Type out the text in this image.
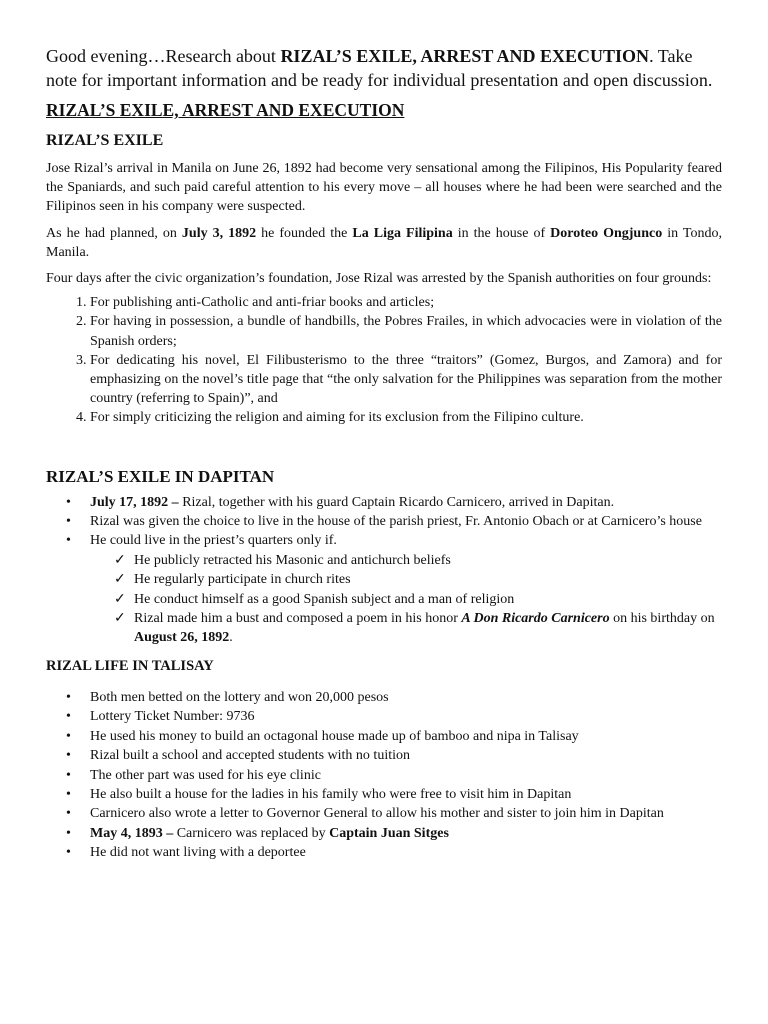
Good evening…Research about RIZAL’S EXILE, ARREST AND EXECUTION. Take note for important information and be ready for individual presentation and open discussion.

RIZAL’S EXILE, ARREST AND EXECUTION
RIZAL’S EXILE

Jose Rizal’s arrival in Manila on June 26, 1892 had become very sensational among the Filipinos, His Popularity feared the Spaniards, and such paid careful attention to his every move – all houses where he had been were searched and the Filipinos seen in his company were suspected.

As he had planned, on July 3, 1892 he founded the La Liga Filipina in the house of Doroteo Ongjunco in Tondo, Manila.

Four days after the civic organization’s foundation, Jose Rizal was arrested by the Spanish authorities on four grounds:

1. For publishing anti-Catholic and anti-friar books and articles;
2. For having in possession, a bundle of handbills, the Pobres Frailes, in which advocacies were in violation of the Spanish orders;
3. For dedicating his novel, El Filibusterismo to the three “traitors” (Gomez, Burgos, and Zamora) and for emphasizing on the novel’s title page that “the only salvation for the Philippines was separation from the mother country (referring to Spain)”, and
4. For simply criticizing the religion and aiming for its exclusion from the Filipino culture.
RIZAL’S EXILE IN DAPITAN
• July 17, 1892 – Rizal, together with his guard Captain Ricardo Carnicero, arrived in Dapitan.
• Rizal was given the choice to live in the house of the parish priest, Fr. Antonio Obach or at Carnicero’s house
• He could live in the priest’s quarters only if.
✓ He publicly retracted his Masonic and antichurch beliefs
✓ He regularly participate in church rites
✓ He conduct himself as a good Spanish subject and a man of religion
✓ Rizal made him a bust and composed a poem in his honor A Don Ricardo Carnicero on his birthday on August 26, 1892.
RIZAL LIFE IN TALISAY
• Both men betted on the lottery and won 20,000 pesos
• Lottery Ticket Number: 9736
• He used his money to build an octagonal house made up of bamboo and nipa in Talisay
• Rizal built a school and accepted students with no tuition
• The other part was used for his eye clinic
• He also built a house for the ladies in his family who were free to visit him in Dapitan
• Carnicero also wrote a letter to Governor General to allow his mother and sister to join him in Dapitan
• May 4, 1893 – Carnicero was replaced by Captain Juan Sitges
• He did not want living with a deportee
